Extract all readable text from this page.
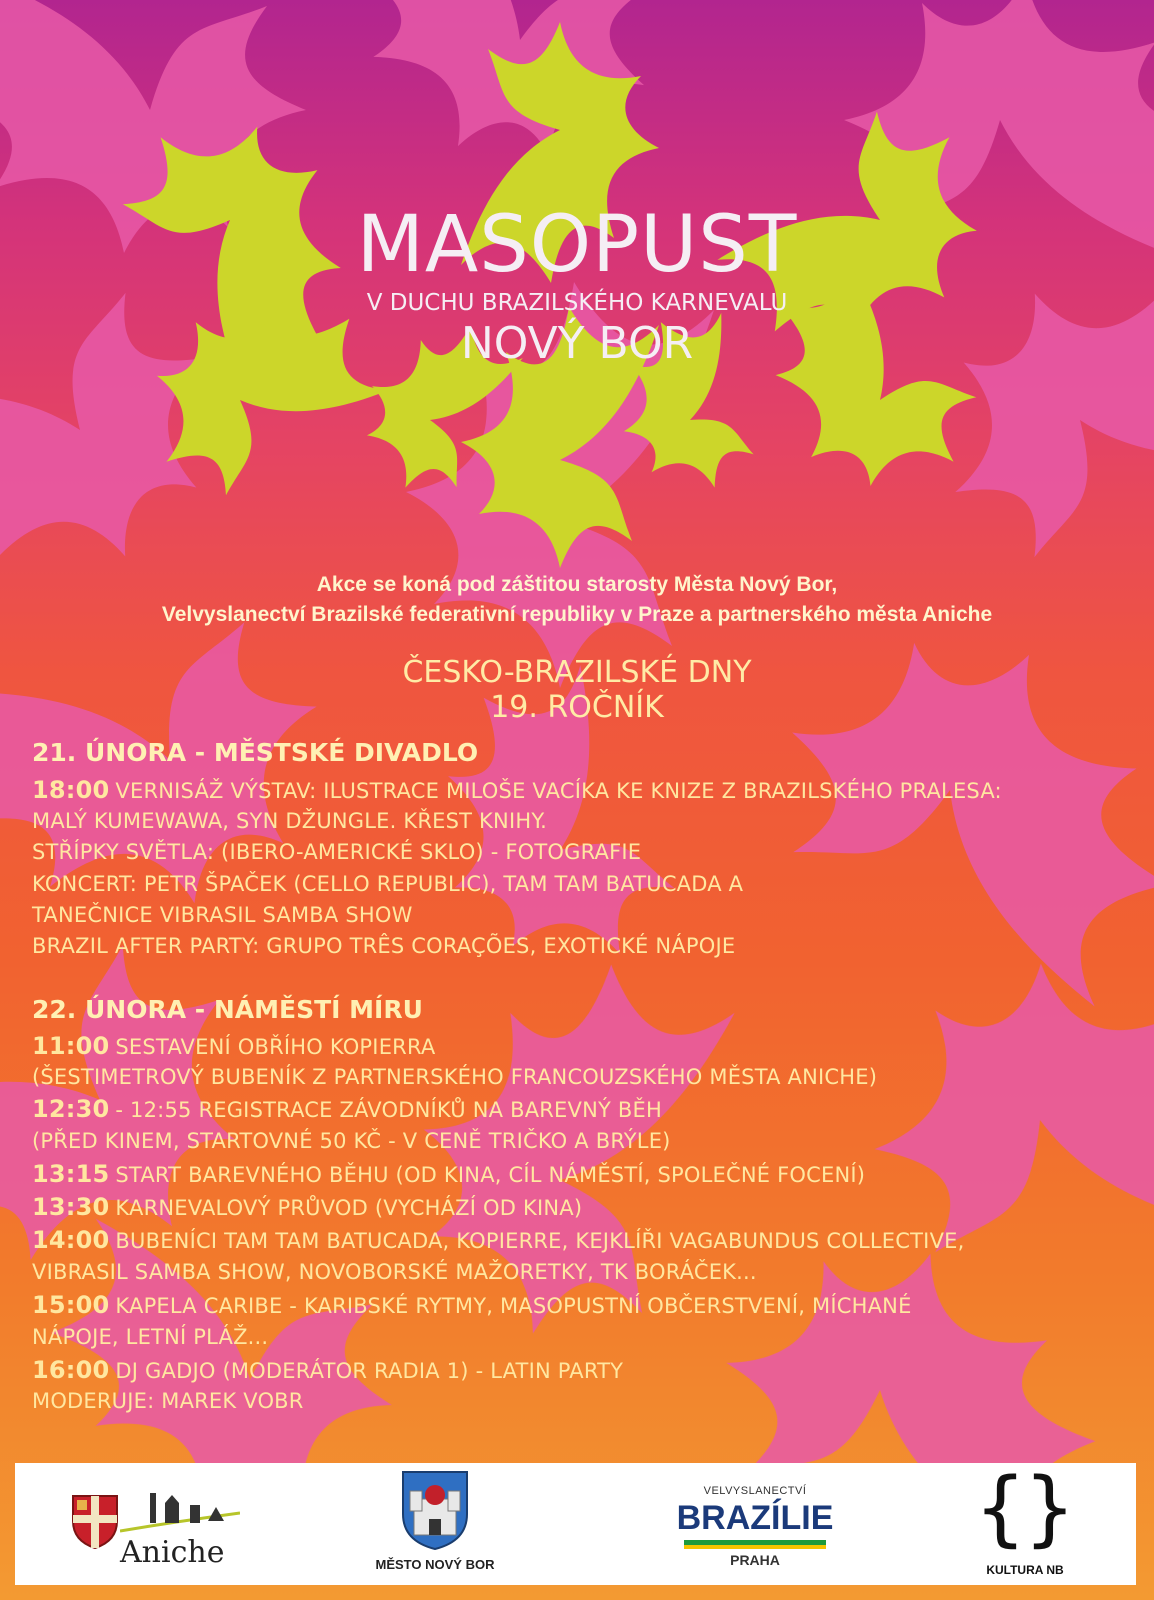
MASOPUST
V DUCHU BRAZILSKÉHO KARNEVALU
NOVÝ BOR
Akce se koná pod záštitou starosty Města Nový Bor,
Velvyslanectví Brazilské federativní republiky v Praze a partnerského města Aniche
ČESKO-BRAZILSKÉ DNY
19. ROČNÍK
21. ÚNORA - MĚSTSKÉ DIVADLO
18:00 VERNISÁŽ VÝSTAV: ILUSTRACE MILOŠE VACÍKA KE KNIZE Z BRAZILSKÉHO PRALESA:
MALÝ KUMEWAWA, SYN DŽUNGLE. KŘEST KNIHY.
STŘÍPKY SVĚTLA: (IBERO-AMERICKÉ SKLO) - FOTOGRAFIE
KONCERT: PETR ŠPAČEK (CELLO REPUBLIC), TAM TAM BATUCADA A
TANEČNICE VIBRASIL SAMBA SHOW
BRAZIL AFTER PARTY: GRUPO TRÊS CORAÇÕES, EXOTICKÉ NÁPOJE
22. ÚNORA - NÁMĚSTÍ MÍRU
11:00 SESTAVENÍ OBŘÍHO KOPIERRA
(ŠESTIMETROVÝ BUBENÍK Z PARTNERSKÉHO FRANCOUZSKÉHO MĚSTA ANICHE)
12:30 - 12:55 REGISTRACE ZÁVODNÍKŮ NA BAREVNÝ BĚH
(PŘED KINEM, STARTOVNÉ 50 KČ - V CENĚ TRIČKO A BRÝLE)
13:15 START BAREVNÉHO BĚHU (OD KINA, CÍL NÁMĚSTÍ, SPOLEČNÉ FOCENÍ)
13:30 KARNEVALOVÝ PRŮVOD (VYCHÁZÍ OD KINA)
14:00 BUBENÍCI TAM TAM BATUCADA, KOPIERRE, KEJKLÍŘI VAGABUNDUS COLLECTIVE,
VIBRASIL SAMBA SHOW, NOVOBORSKÉ MAŽORETKY, TK BORÁČEK...
15:00 KAPELA CARIBE - KARIBSKÉ RYTMY, MASOPUSTNÍ OBČERSTVENÍ, MÍCHANÉ
NÁPOJE, LETNÍ PLÁŽ...
16:00 DJ GADJO (MODERÁTOR RADIA 1) - LATIN PARTY
MODERUJE: MAREK VOBR
Aniche	MĚSTO NOVÝ BOR
VELVYSLANECTVÍ
BRAZÍLIE
PRAHA
{}
KULTURA NB
